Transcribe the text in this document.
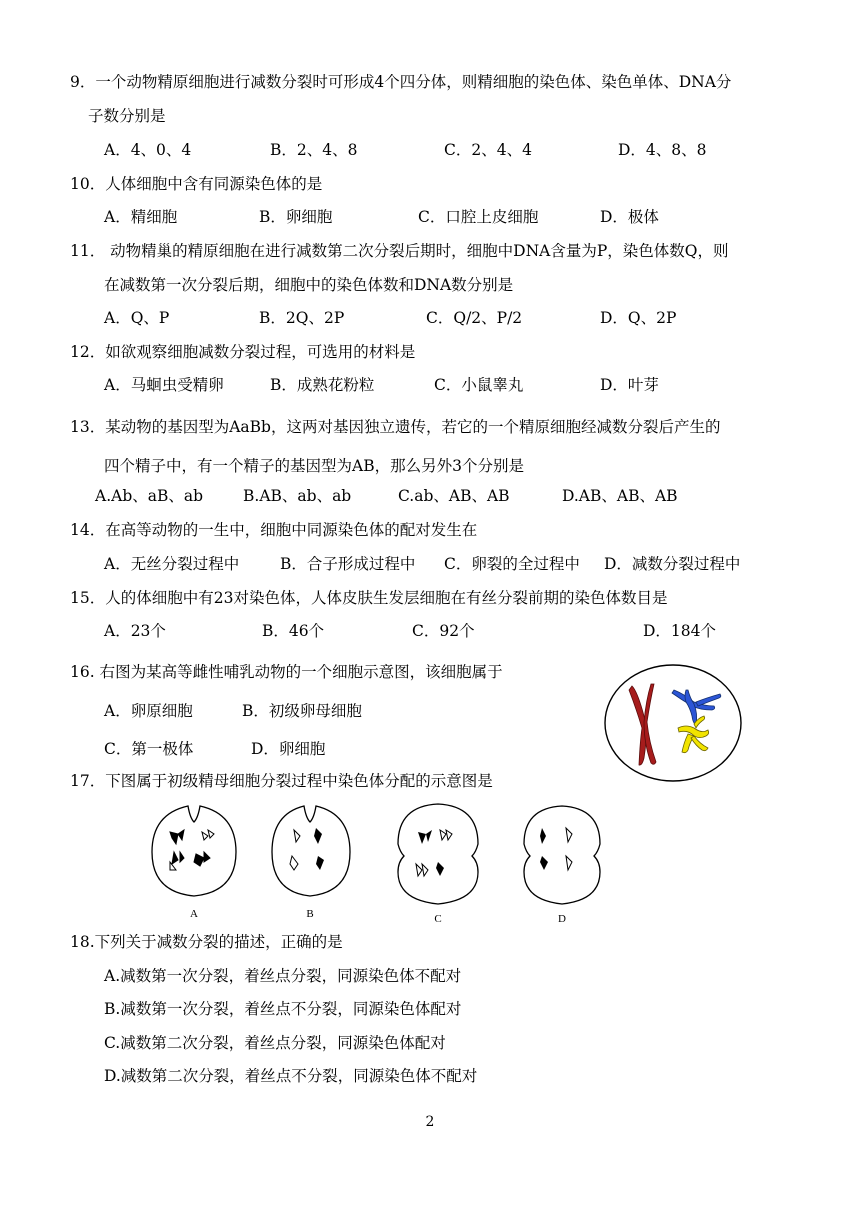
9．一个动物精原细胞进行减数分裂时可形成4个四分体，则精细胞的染色体、染色单体、DNA分
子数分别是
A．4、0、4	B．2、4、8	C．2、4、4	D．4、8、8
10．人体细胞中含有同源染色体的是
A．精细胞	B．卵细胞	C．口腔上皮细胞	D．极体
11． 动物精巢的精原细胞在进行减数第二次分裂后期时，细胞中DNA含量为P，染色体数Q，则
在减数第一次分裂后期，细胞中的染色体数和DNA数分别是
A．Q、P	B．2Q、2P	C．Q/2、P/2	D．Q、2P
12．如欲观察细胞减数分裂过程，可选用的材料是
A．马蛔虫受精卵	B．成熟花粉粒	C．小鼠睾丸	D．叶芽
13．某动物的基因型为AaBb，这两对基因独立遗传，若它的一个精原细胞经减数分裂后产生的
四个精子中，有一个精子的基因型为AB，那么另外3个分别是
A.Ab、aB、ab	B.AB、ab、ab	C.ab、AB、AB	D.AB、AB、AB
14．在高等动物的一生中，细胞中同源染色体的配对发生在
A．无丝分裂过程中	B．合子形成过程中 C．卵裂的全过程中 D．减数分裂过程中
15．人的体细胞中有23对染色体，人体皮肤生发层细胞在有丝分裂前期的染色体数目是
A．23个	B．46个	C．92个	D．184个
16. 右图为某高等雌性哺乳动物的一个细胞示意图，该细胞属于
A．卵原细胞	B．初级卵母细胞
C．第一极体	D．卵细胞
17．下图属于初级精母细胞分裂过程中染色体分配的示意图是
A	B	C	D
18.下列关于减数分裂的描述，正确的是
A.减数第一次分裂，着丝点分裂，同源染色体不配对
B.减数第一次分裂，着丝点不分裂，同源染色体配对
C.减数第二次分裂，着丝点分裂，同源染色体配对
D.减数第二次分裂，着丝点不分裂，同源染色体不配对
2
